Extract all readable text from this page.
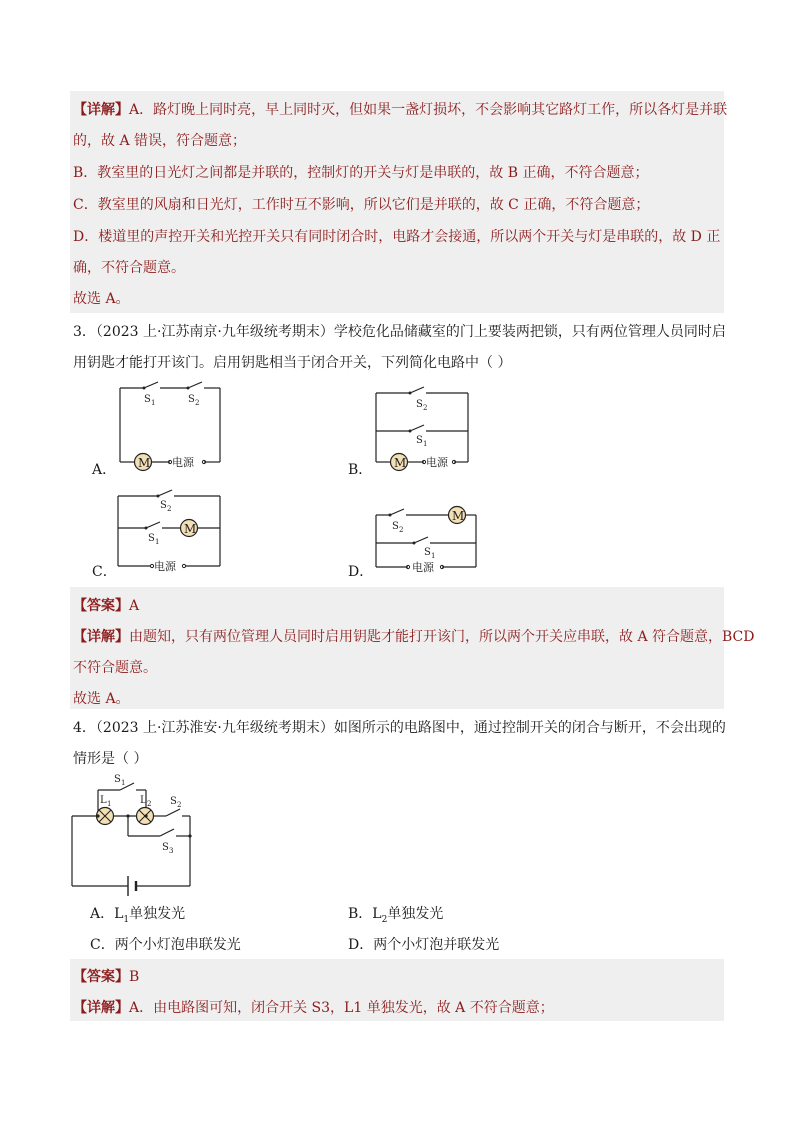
【详解】A．路灯晚上同时亮，早上同时灭，但如果一盏灯损坏，不会影响其它路灯工作，所以各灯是并联
的，故 A 错误，符合题意；
B．教室里的日光灯之间都是并联的，控制灯的开关与灯是串联的，故 B 正确，不符合题意；
C．教室里的风扇和日光灯，工作时互不影响，所以它们是并联的，故 C 正确，不符合题意；
D．楼道里的声控开关和光控开关只有同时闭合时，电路才会接通，所以两个开关与灯是串联的，故 D 正
确，不符合题意。
故选 A。
3．（2023 上·江苏南京·九年级统考期末）学校危化品储藏室的门上要装两把锁，只有两位管理人员同时启
用钥匙才能打开该门。启用钥匙相当于闭合开关，下列简化电路中（ ）
A． M 电源
S 1	S 2
B． M 电源
S 2
S 1
C．
M
电源
S 2
S 1
D．
M
电源
S 2
S 1
【答案】A
【详解】由题知，只有两位管理人员同时启用钥匙才能打开该门，所以两个开关应串联，故 A 符合题意，BCD
不符合题意。
故选 A。
4．（2023 上·江苏淮安·九年级统考期末）如图所示的电路图中，通过控制开关的闭合与断开，不会出现的
情形是（ ）
S 1
L 1	L 2 S 2
S 3
A．$L_1$单独发光	B．$L_2$单独发光
C．两个小灯泡串联发光	D．两个小灯泡并联发光
【答案】B
【详解】A．由电路图可知，闭合开关 S3，L1 单独发光，故 A 不符合题意；
